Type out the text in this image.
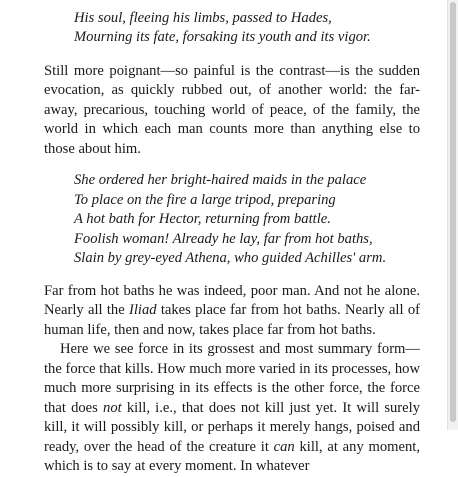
His soul, fleeing his limbs, passed to Hades,
Mourning its fate, forsaking its youth and its vigor.

Still more poignant—so painful is the contrast—is the sudden evocation, as quickly rubbed out, of another world: the far-away, precarious, touching world of peace, of the family, the world in which each man counts more than anything else to those about him.

She ordered her bright-haired maids in the palace
To place on the fire a large tripod, preparing
A hot bath for Hector, returning from battle.
Foolish woman! Already he lay, far from hot baths,
Slain by grey-eyed Athena, who guided Achilles' arm.

Far from hot baths he was indeed, poor man. And not he alone. Nearly all the Iliad takes place far from hot baths. Nearly all of human life, then and now, takes place far from hot baths.

Here we see force in its grossest and most summary form—the force that kills. How much more varied in its processes, how much more surprising in its effects is the other force, the force that does not kill, i.e., that does not kill just yet. It will surely kill, it will possibly kill, or perhaps it merely hangs, poised and ready, over the head of the creature it can kill, at any moment, which is to say at every moment. In whatever
